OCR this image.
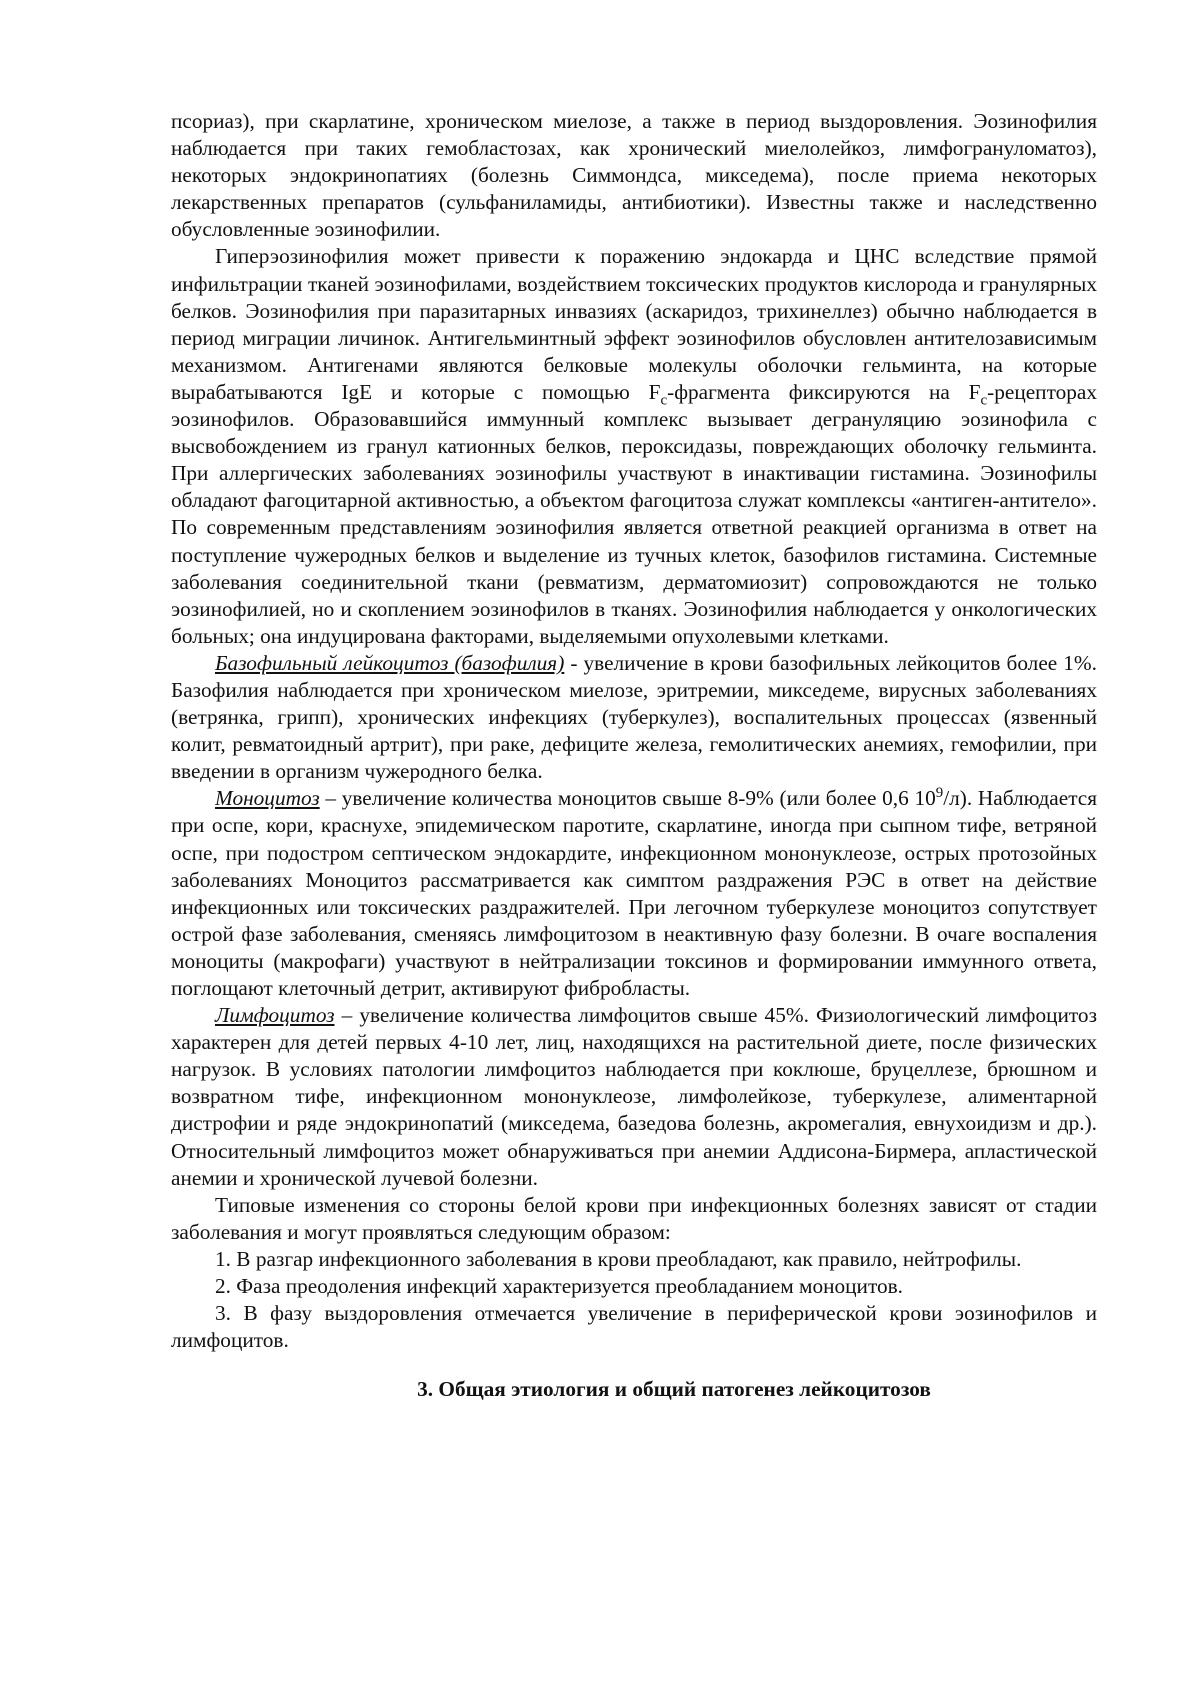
псориаз), при скарлатине, хроническом миелозе, а также в период выздоровления. Эозинофилия наблюдается при таких гемобластозах, как хронический миелолейкоз, лимфогрануломатоз), некоторых эндокринопатиях (болезнь Симмондса, микседема), после приема некоторых лекарственных препаратов (сульфаниламиды, антибиотики). Известны также и наследственно обусловленные эозинофилии.

Гиперэозинофилия может привести к поражению эндокарда и ЦНС вследствие прямой инфильтрации тканей эозинофилами, воздействием токсических продуктов кислорода и гранулярных белков. Эозинофилия при паразитарных инвазиях (аскаридоз, трихинеллез) обычно наблюдается в период миграции личинок. Антигельминтный эффект эозинофилов обусловлен антителозависимым механизмом. Антигенами являются белковые молекулы оболочки гельминта, на которые вырабатываются IgE и которые с помощью $F_c$-фрагмента фиксируются на $F_c$-рецепторах эозинофилов. Образовавшийся иммунный комплекс вызывает дегрануляцию эозинофила с высвобождением из гранул катионных белков, пероксидазы, повреждающих оболочку гельминта. При аллергических заболеваниях эозинофилы участвуют в инактивации гистамина. Эозинофилы обладают фагоцитарной активностью, а объектом фагоцитоза служат комплексы «антиген-антитело». По современным представлениям эозинофилия является ответной реакцией организма в ответ на поступление чужеродных белков и выделение из тучных клеток, базофилов гистамина. Системные заболевания соединительной ткани (ревматизм, дерматомиозит) сопровождаются не только эозинофилией, но и скоплением эозинофилов в тканях. Эозинофилия наблюдается у онкологических больных; она индуцирована факторами, выделяемыми опухолевыми клетками.

Базофильный лейкоцитоз (базофилия) - увеличение в крови базофильных лейкоцитов более 1%. Базофилия наблюдается при хроническом миелозе, эритремии, микседеме, вирусных заболеваниях (ветрянка, грипп), хронических инфекциях (туберкулез), воспалительных процессах (язвенный колит, ревматоидный артрит), при раке, дефиците железа, гемолитических анемиях, гемофилии, при введении в организм чужеродного белка.

Моноцитоз – увеличение количества моноцитов свыше 8-9% (или более 0,6 $10^9/л$). Наблюдается при оспе, кори, краснухе, эпидемическом паротите, скарлатине, иногда при сыпном тифе, ветряной оспе, при подостром септическом эндокардите, инфекционном мононуклеозе, острых протозойных заболеваниях Моноцитоз рассматривается как симптом раздражения РЭС в ответ на действие инфекционных или токсических раздражителей. При легочном туберкулезе моноцитоз сопутствует острой фазе заболевания, сменяясь лимфоцитозом в неактивную фазу болезни. В очаге воспаления моноциты (макрофаги) участвуют в нейтрализации токсинов и формировании иммунного ответа, поглощают клеточный детрит, активируют фибробласты.

Лимфоцитоз – увеличение количества лимфоцитов свыше 45%. Физиологический лимфоцитоз характерен для детей первых 4-10 лет, лиц, находящихся на растительной диете, после физических нагрузок. В условиях патологии лимфоцитоз наблюдается при коклюше, бруцеллезе, брюшном и возвратном тифе, инфекционном мононуклеозе, лимфолейкозе, туберкулезе, алиментарной дистрофии и ряде эндокринопатий (микседема, базедова болезнь, акромегалия, евнухоидизм и др.). Относительный лимфоцитоз может обнаруживаться при анемии Аддисона-Бирмера, апластической анемии и хронической лучевой болезни.

Типовые изменения со стороны белой крови при инфекционных болезнях зависят от стадии заболевания и могут проявляться следующим образом:

1. В разгар инфекционного заболевания в крови преобладают, как правило, нейтрофилы.

2. Фаза преодоления инфекций характеризуется преобладанием моноцитов.

3. В фазу выздоровления отмечается увеличение в периферической крови эозинофилов и лимфоцитов.

3. Общая этиология и общий патогенез лейкоцитозов
